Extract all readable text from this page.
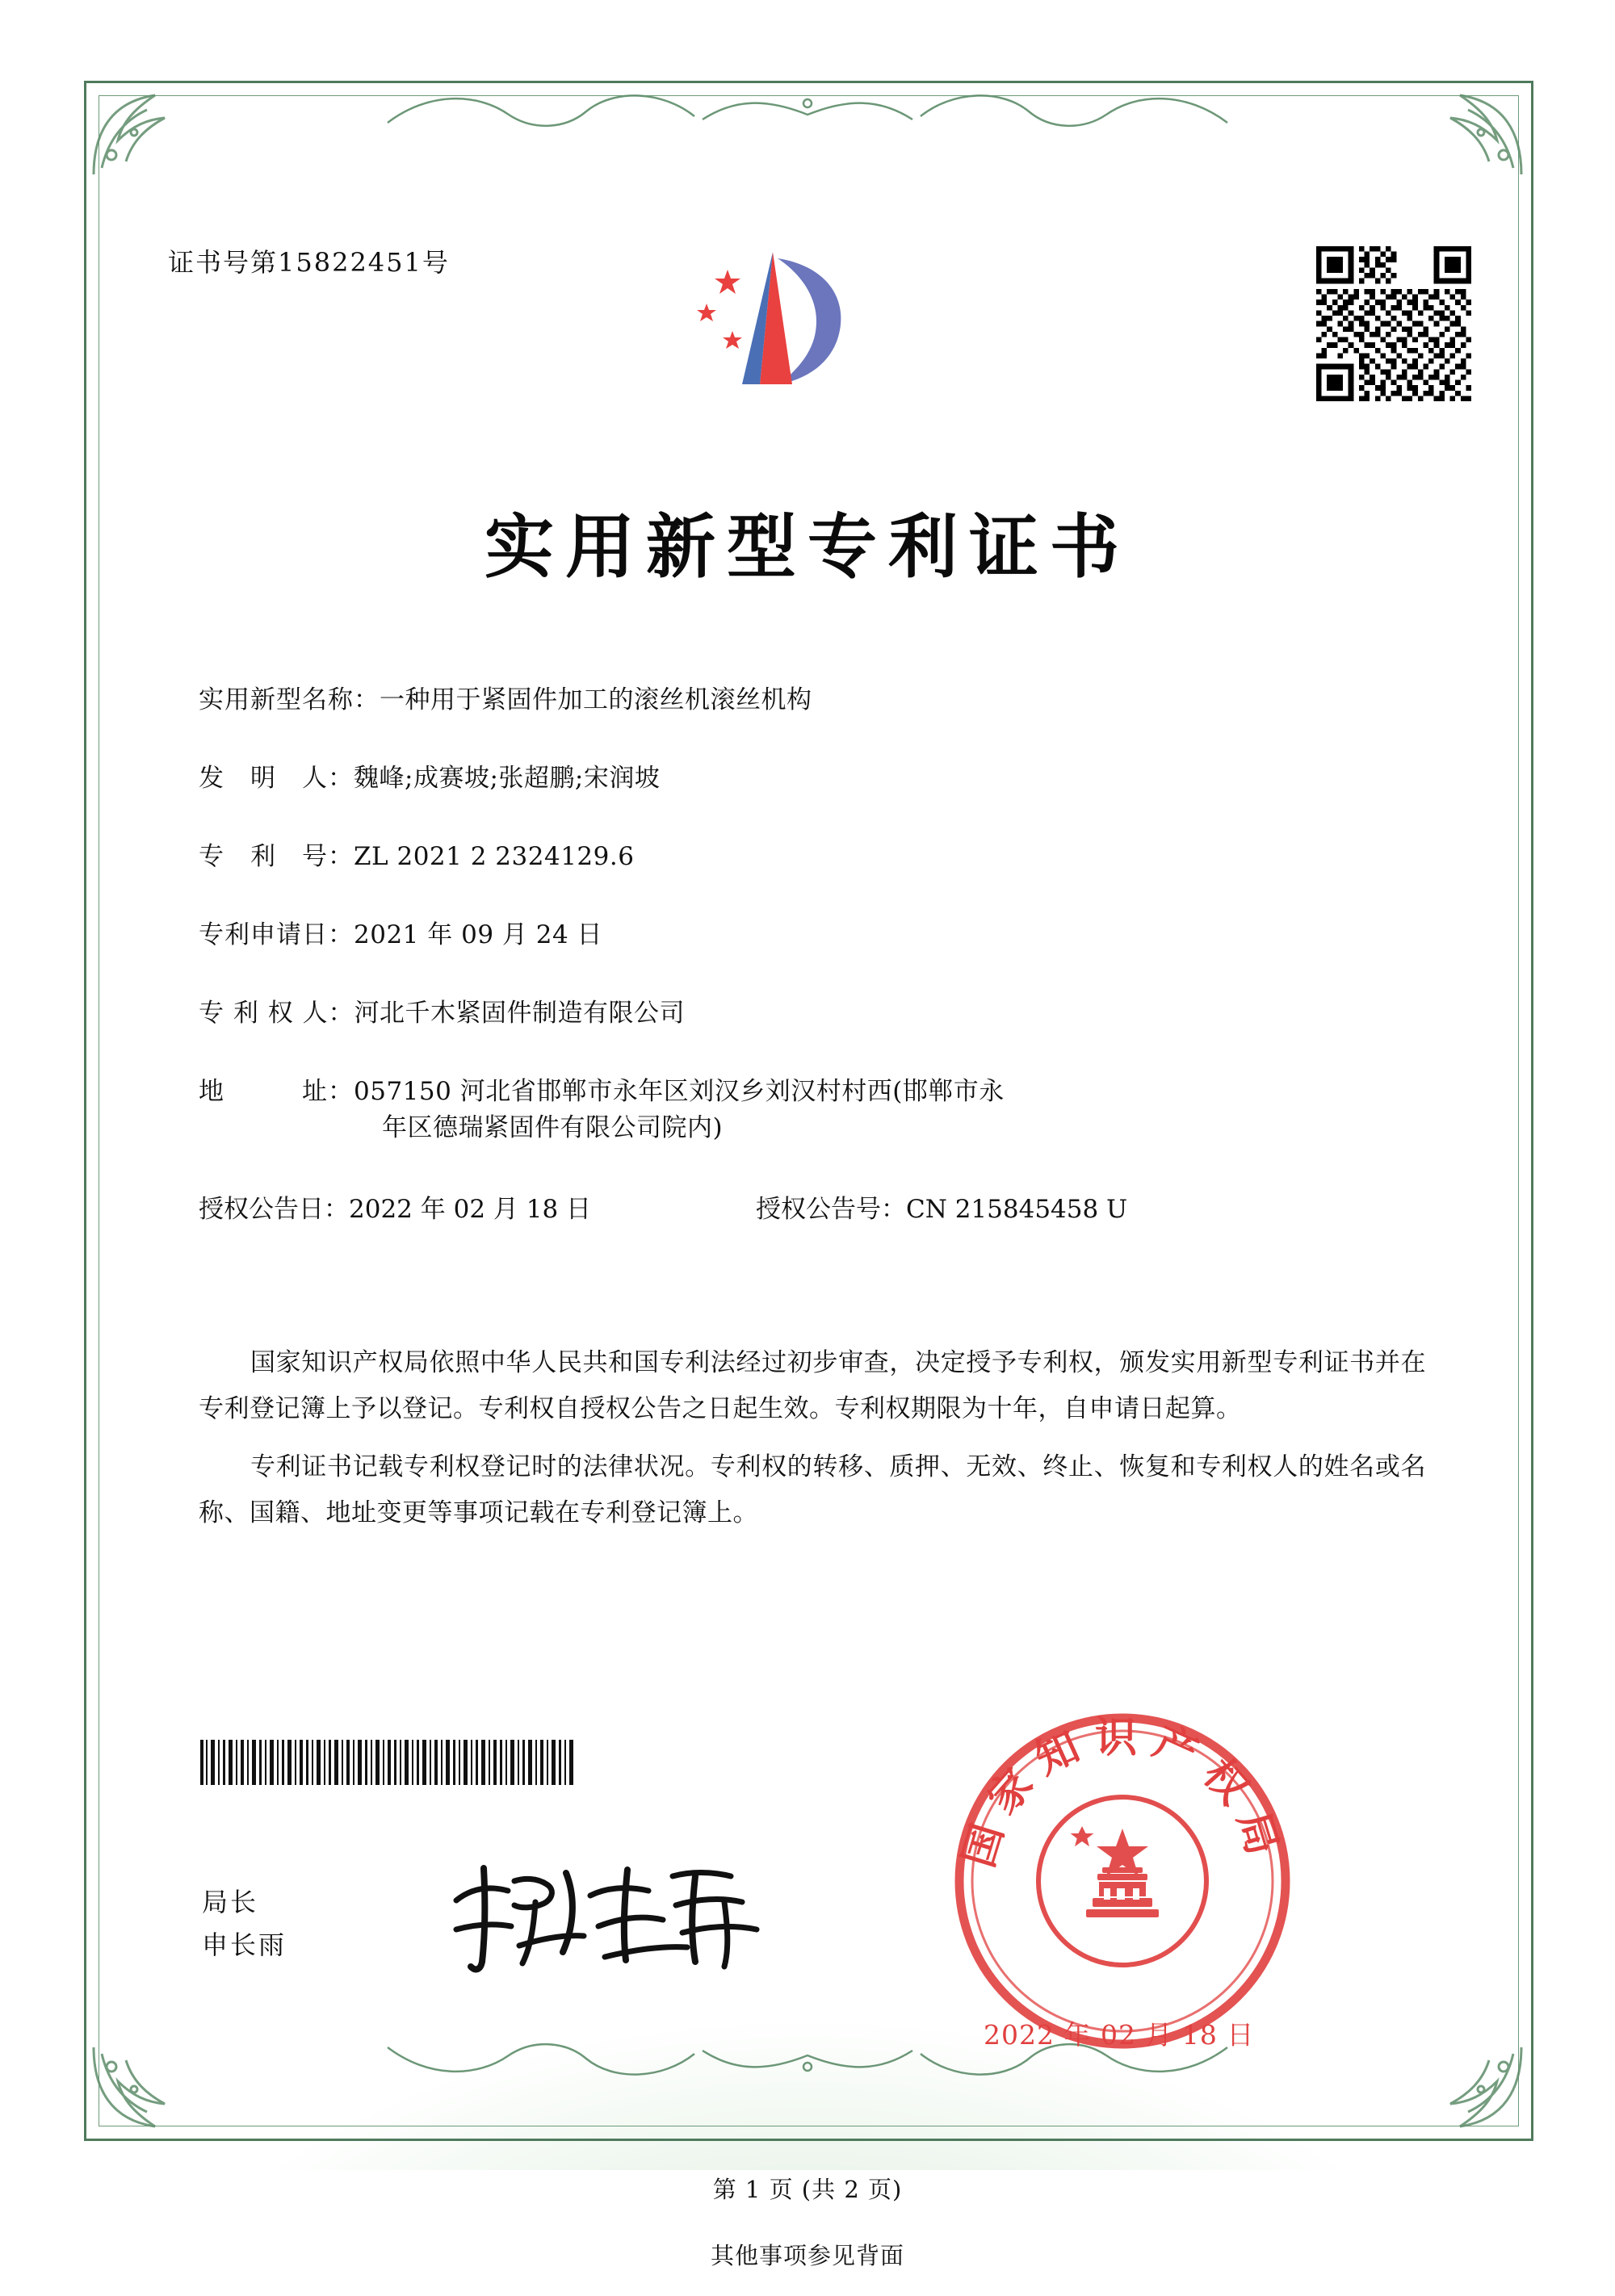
证书号第15822451号
实用新型专利证书
实用新型名称： 一种用于紧固件加工的滚丝机滚丝机构
发　明　人： 魏峰;成赛坡;张超鹏;宋润坡
专　利　号： ZL 2021 2 2324129.6
专利申请日： 2021 年 09 月 24 日
专 利 权 人： 河北千木紧固件制造有限公司
地　　　址： 057150 河北省邯郸市永年区刘汉乡刘汉村村西(邯郸市永
年区德瑞紧固件有限公司院内)
授权公告日：2022 年 02 月 18 日	授权公告号：CN 215845458 U

国家知识产权局依照中华人民共和国专利法经过初步审查，决定授予专利权，颁发实用新型专利证书并在专利登记簿上予以登记。专利权自授权公告之日起生效。专利权期限为十年，自申请日起算。

专利证书记载专利权登记时的法律状况。专利权的转移、质押、无效、终止、恢复和专利权人的姓名或名称、国籍、地址变更等事项记载在专利登记簿上。

局长
申长雨
国家知识产权局
2022 年 02 月 18 日
第 1 页 (共 2 页)
其他事项参见背面
